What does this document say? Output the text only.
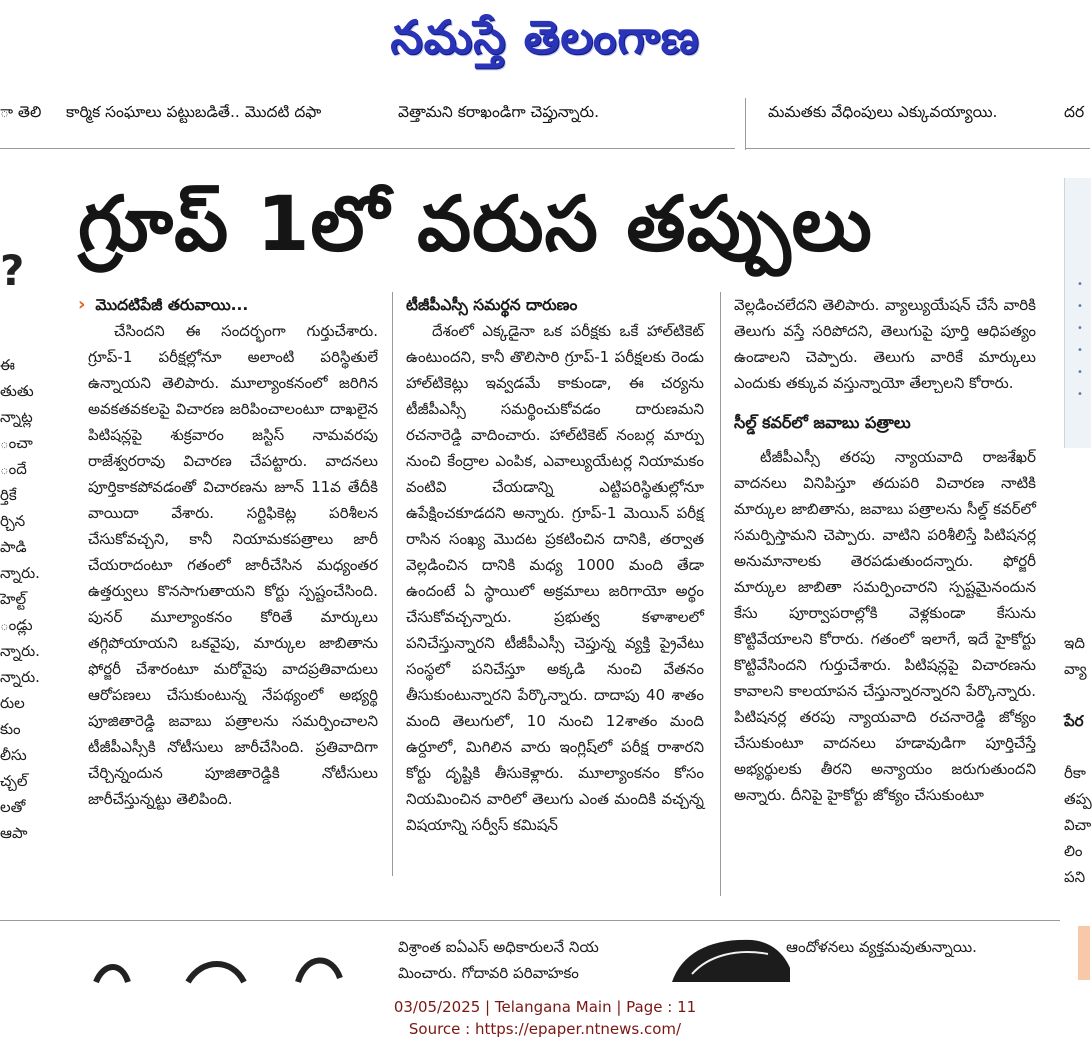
నమస్తే తెలంగాణ
ా తెలి కార్మిక సంఘాలు పట్టుబడితే.. మొదటి దఫా	వెత్తామని కరాఖండిగా చెప్తున్నారు.	మమతకు వేధింపులు ఎక్కువయ్యాయి.	దర
?
గ్రూప్ 1లో వరుస తప్పులు
ఈ
తుతు
న్నాట్ల
ంచా
ందే
ర్తికే
ర్చిన
పాడి
న్నారు.
హెల్ట్
ండ్లు
న్నారు.
న్నారు.
రుల
కుం
లీసు
చ్చల్
లతో
ఆపా
› మొదటిపేజీ తరువాయి...

చేసిందని ఈ సందర్భంగా గుర్తుచేశారు. గ్రూప్‌-1 పరీక్షల్లోనూ అలాంటి పరిస్థితులే ఉన్నాయని తెలిపారు. మూల్యాంకనంలో జరిగిన అవకతవకలపై విచారణ జరిపించాలంటూ దాఖలైన పిటిషన్లపై శుక్రవారం జస్టిస్‌ నామవరపు రాజేశ్వరరావు విచారణ చేపట్టారు. వాదనలు పూర్తికాకపోవడంతో విచారణను జూన్‌ 11వ తేదీకి వాయిదా వేశారు. సర్టిఫికెట్ల పరిశీలన చేసుకోవచ్చని, కానీ నియామకపత్రాలు జారీ చేయరాదంటూ గతంలో జారీచేసిన మధ్యంతర ఉత్తర్వులు కొనసాగుతాయని కోర్టు స్పష్టంచేసింది. పునర్‌ మూల్యాంకనం కోరితే మార్కులు తగ్గిపోయాయని ఒకవైపు, మార్కుల జాబితాను ఫోర్జరీ చేశారంటూ మరోవైపు వాదప్రతివాదులు ఆరోపణలు చేసుకుంటున్న నేపథ్యంలో అభ్యర్థి పూజితారెడ్డి జవాబు పత్రాలను సమర్పించాలని టీజీపీఎస్సీకి నోటీసులు జారీచేసింది. ప్రతివాదిగా చేర్చిన్నందున పూజితారెడ్డికి నోటీసులు జారీచేస్తున్నట్టు తెలిపింది.

టీజీపీఎస్సీ సమర్థన దారుణం

దేశంలో ఎక్కడైనా ఒక పరీక్షకు ఒకే హాల్‌టికెట్‌ ఉంటుందని, కానీ తొలిసారి గ్రూప్‌-1 పరీక్షలకు రెండు హాల్‌టికెట్లు ఇవ్వడమే కాకుండా, ఈ చర్యను టీజీపీఎస్సీ సమర్థించుకోవడం దారుణమని రచనారెడ్డి వాదించారు. హాల్‌టికెట్‌ నంబర్ల మార్పు నుంచి కేంద్రాల ఎంపిక, ఎవాల్యుయేటర్ల నియామకం వంటివి చేయడాన్ని ఎట్టిపరిస్థితుల్లోనూ ఉపేక్షించకూడదని అన్నారు. గ్రూప్‌-1 మెయిన్‌ పరీక్ష రాసిన సంఖ్య మొదట ప్రకటించిన దానికి, తర్వాత వెల్లడించిన దానికి మధ్య 1000 మంది తేడా ఉందంటే ఏ స్థాయిలో అక్రమాలు జరిగాయో అర్థం చేసుకోవచ్చన్నారు. ప్రభుత్వ కళాశాలలో పనిచేస్తున్నారని టీజీపీఎస్సీ చెప్తున్న వ్యక్తి ప్రైవేటు సంస్థలో పనిచేస్తూ అక్కడి నుంచి వేతనం తీసుకుంటున్నారని పేర్కొన్నారు. దాదాపు 40 శాతం మంది తెలుగులో, 10 నుంచి 12శాతం మంది ఉర్దూలో, మిగిలిన వారు ఇంగ్లిష్‌లో పరీక్ష రాశారని కోర్టు దృష్టికి తీసుకెళ్లారు. మూల్యాంకనం కోసం నియమించిన వారిలో తెలుగు ఎంత మందికి వచ్చన్న విషయాన్ని సర్వీస్‌ కమిషన్‌

వెల్లడించలేదని తెలిపారు. వ్యాల్యుయేషన్‌ చేసే వారికి తెలుగు వస్తే సరిపోదని, తెలుగుపై పూర్తి ఆధిపత్యం ఉండాలని చెప్పారు. తెలుగు వారికే మార్కులు ఎందుకు తక్కువ వస్తున్నాయో తేల్చాలని కోరారు.

సీల్డ్‌ కవర్‌లో జవాబు పత్రాలు

టీజీపీఎస్సీ తరపు న్యాయవాది రాజశేఖర్‌ వాదనలు వినిపిస్తూ తదుపరి విచారణ నాటికి మార్కుల జాబితాను, జవాబు పత్రాలను సీల్డ్‌ కవర్‌లో సమర్పిస్తామని చెప్పారు. వాటిని పరిశీలిస్తే పిటిషనర్ల అనుమానాలకు తెరపడుతుందన్నారు. ఫోర్జరీ మార్కుల జాబితా సమర్పించారని స్పష్టమైనందున కేసు పూర్వాపరాల్లోకి వెళ్లకుండా కేసును కొట్టివేయాలని కోరారు. గతంలో ఇలాగే, ఇదే హైకోర్టు కొట్టివేసిందని గుర్తుచేశారు. పిటిషన్లపై విచారణను కావాలని కాలయాపన చేస్తున్నారన్నారని పేర్కొన్నారు. పిటిషనర్ల తరపు న్యాయవాది రచనారెడ్డి జోక్యం చేసుకుంటూ వాదనలు హడావుడిగా పూర్తిచేస్తే అభ్యర్థులకు తీరని అన్యాయం జరుగుతుందని అన్నారు. దీనిపై హైకోర్టు జోక్యం చేసుకుంటూ

•
•
•
•
•
•
ఇది
వ్యా
పేర
రీకా
తప్ప
విచా
లిం
పని
విశ్రాంత ఐఏఎస్‌ అధికారులనే నియ
మించారు. గోదావరి పరివాహకం
ఆందోళనలు వ్యక్తమవుతున్నాయి.
03/05/2025 | Telangana Main | Page : 11
Source : https://epaper.ntnews.com/
